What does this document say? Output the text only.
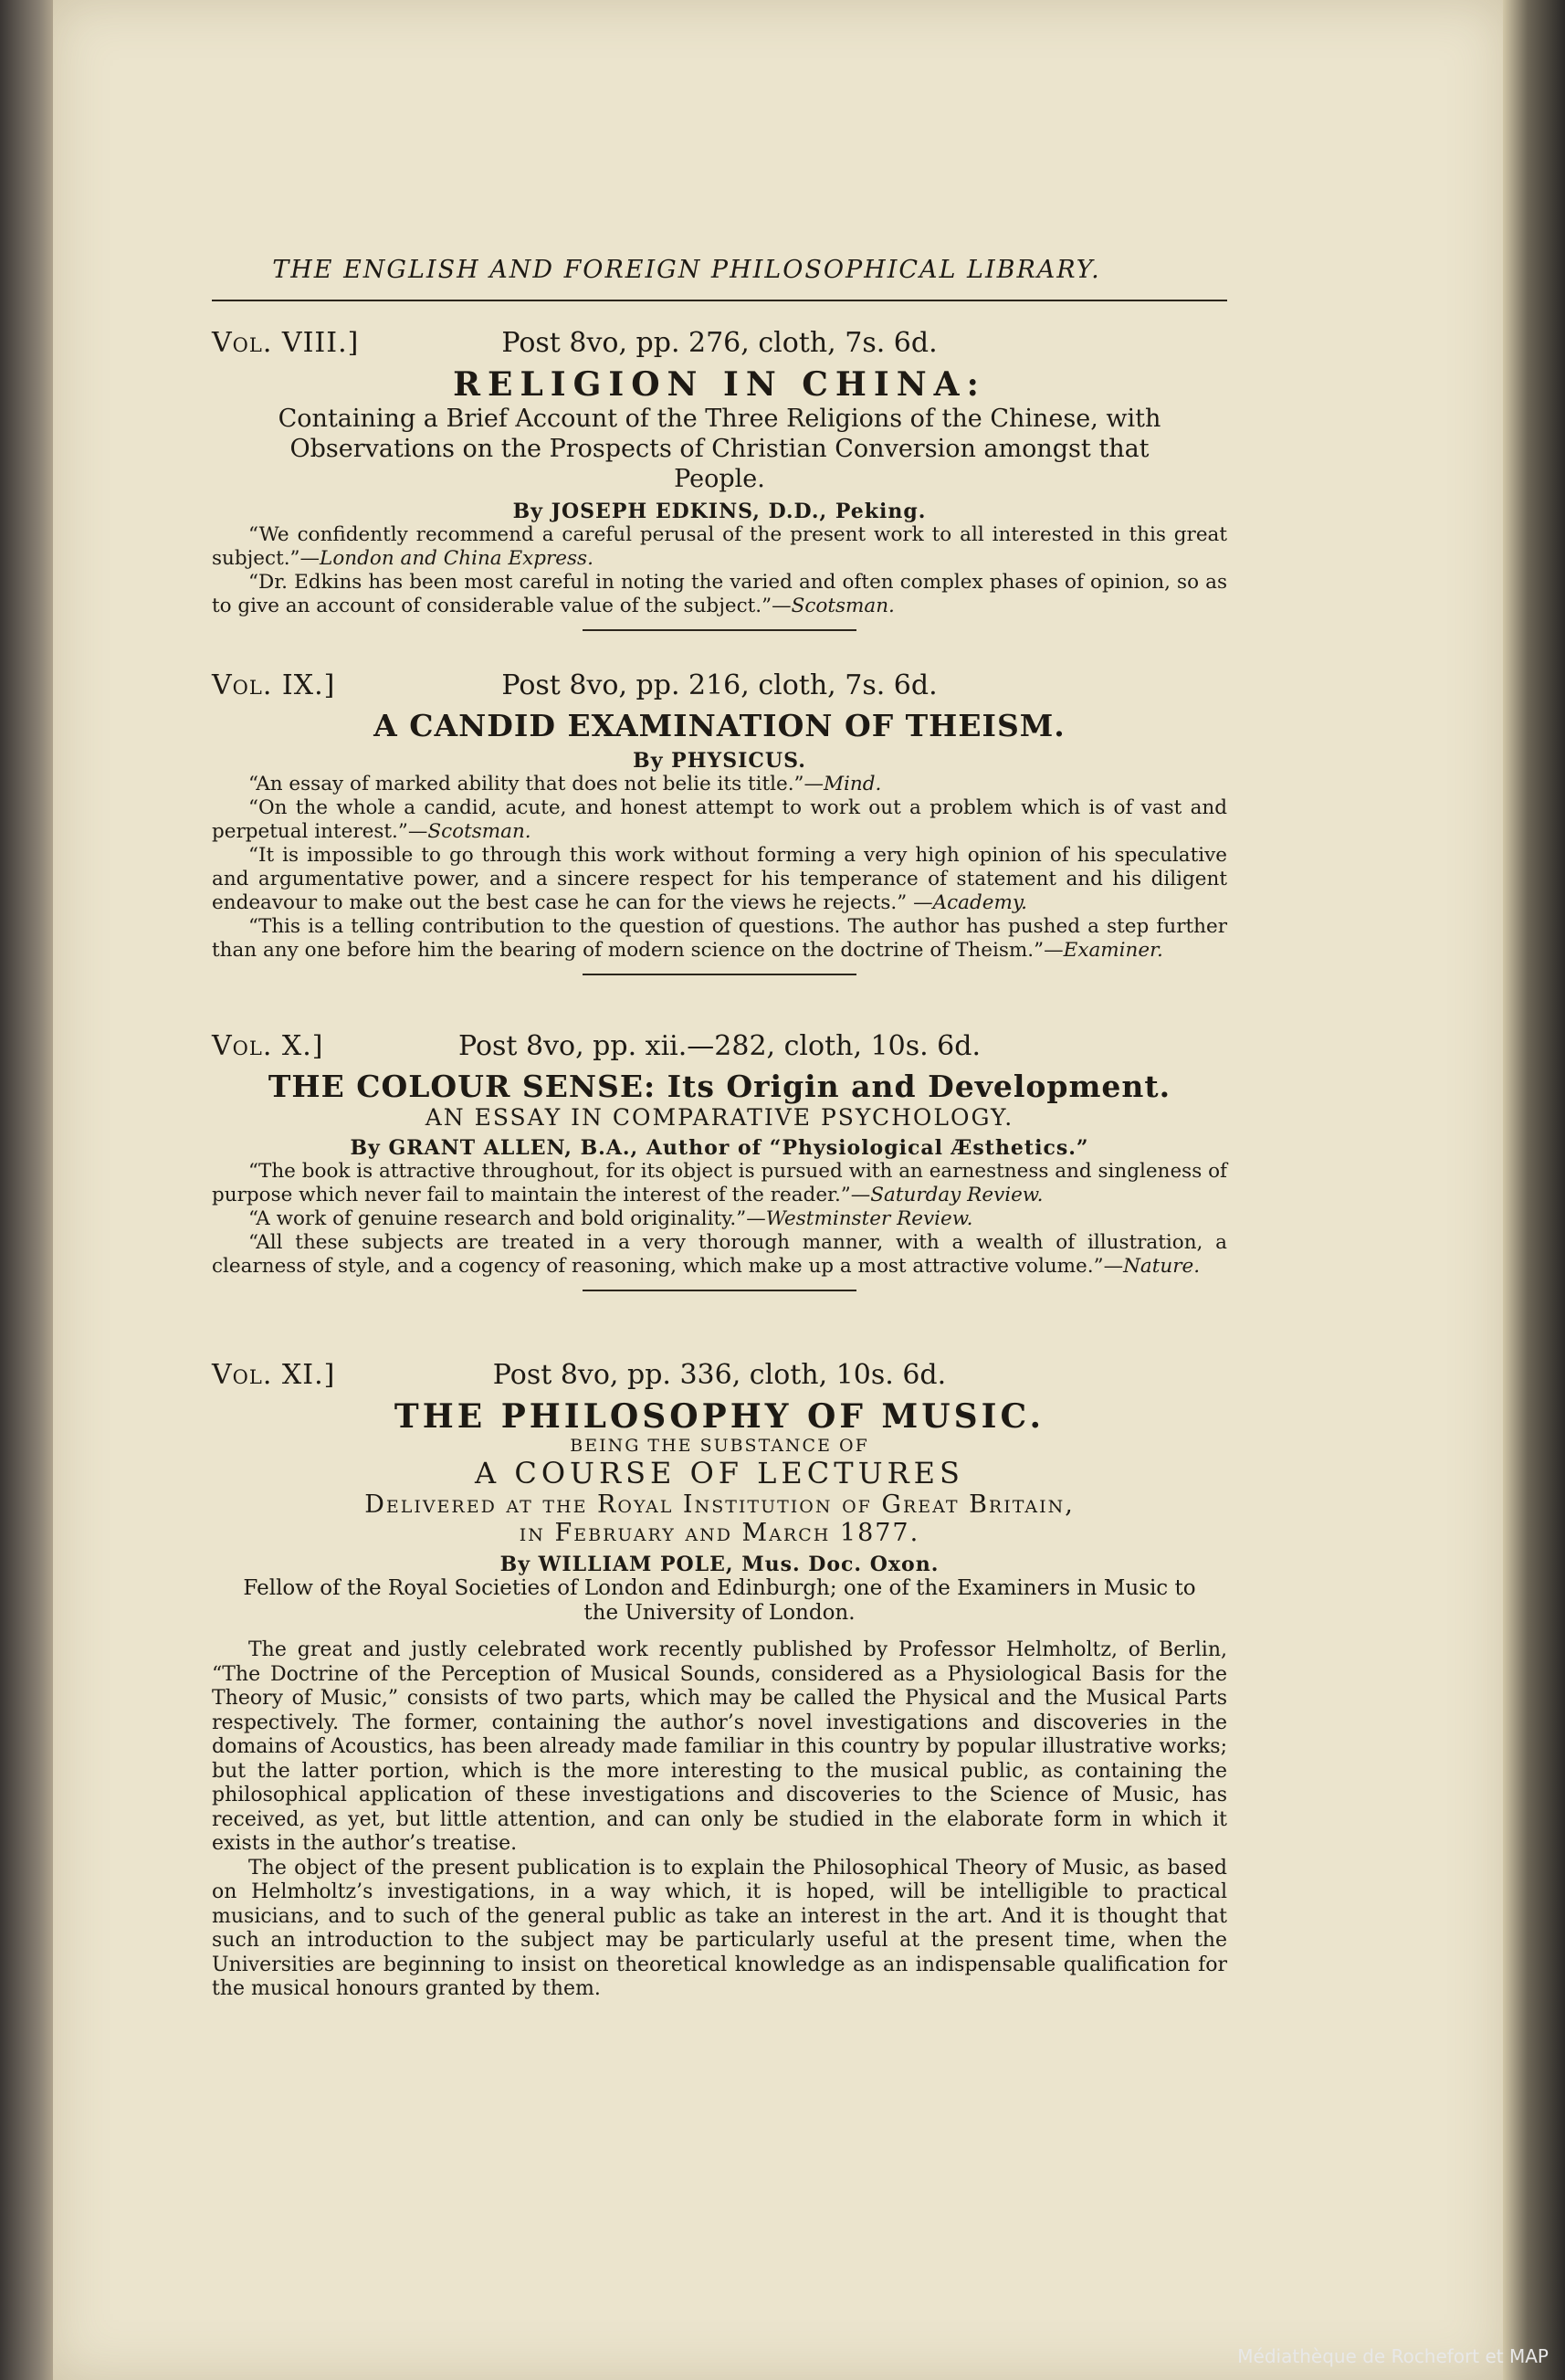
THE ENGLISH AND FOREIGN PHILOSOPHICAL LIBRARY.
Vol. VIII.]	Post 8vo, pp. 276, cloth, 7s. 6d.
RELIGION IN CHINA:
Containing a Brief Account of the Three Religions of the Chinese, with Observations on the Prospects of Christian Conversion amongst that People.
By JOSEPH EDKINS, D.D., Peking.

“We confidently recommend a careful perusal of the present work to all interested in this great subject.”—London and China Express.

“Dr. Edkins has been most careful in noting the varied and often complex phases of opinion, so as to give an account of considerable value of the subject.”—Scotsman.

Vol. IX.]	Post 8vo, pp. 216, cloth, 7s. 6d.
A CANDID EXAMINATION OF THEISM.
By PHYSICUS.

“An essay of marked ability that does not belie its title.”—Mind.

“On the whole a candid, acute, and honest attempt to work out a problem which is of vast and perpetual interest.”—Scotsman.

“It is impossible to go through this work without forming a very high opinion of his speculative and argumentative power, and a sincere respect for his temperance of statement and his diligent endeavour to make out the best case he can for the views he rejects.” —Academy.

“This is a telling contribution to the question of questions. The author has pushed a step further than any one before him the bearing of modern science on the doctrine of Theism.”—Examiner.

Vol. X.]	Post 8vo, pp. xii.—282, cloth, 10s. 6d.
THE COLOUR SENSE: Its Origin and Development.
AN ESSAY IN COMPARATIVE PSYCHOLOGY.
By GRANT ALLEN, B.A., Author of “Physiological Æsthetics.”

“The book is attractive throughout, for its object is pursued with an earnestness and singleness of purpose which never fail to maintain the interest of the reader.”—Saturday Review.

“A work of genuine research and bold originality.”—Westminster Review.

“All these subjects are treated in a very thorough manner, with a wealth of illustration, a clearness of style, and a cogency of reasoning, which make up a most attractive volume.”—Nature.

Vol. XI.]	Post 8vo, pp. 336, cloth, 10s. 6d.
THE PHILOSOPHY OF MUSIC.
BEING THE SUBSTANCE OF
A COURSE OF LECTURES
Delivered at the Royal Institution of Great Britain,
in February and March 1877.
By WILLIAM POLE, Mus. Doc. Oxon.
Fellow of the Royal Societies of London and Edinburgh; one of the Examiners in Music to the University of London.

The great and justly celebrated work recently published by Professor Helmholtz, of Berlin, “The Doctrine of the Perception of Musical Sounds, considered as a Physiological Basis for the Theory of Music,” consists of two parts, which may be called the Physical and the Musical Parts respectively. The former, containing the author’s novel investigations and discoveries in the domains of Acoustics, has been already made familiar in this country by popular illustrative works; but the latter portion, which is the more interesting to the musical public, as containing the philosophical application of these investigations and discoveries to the Science of Music, has received, as yet, but little attention, and can only be studied in the elaborate form in which it exists in the author’s treatise.

The object of the present publication is to explain the Philosophical Theory of Music, as based on Helmholtz’s investigations, in a way which, it is hoped, will be intelligible to practical musicians, and to such of the general public as take an interest in the art. And it is thought that such an introduction to the subject may be particularly useful at the present time, when the Universities are beginning to insist on theoretical knowledge as an indispensable qualification for the musical honours granted by them.

Médiathèque de Rochefort et MAP
